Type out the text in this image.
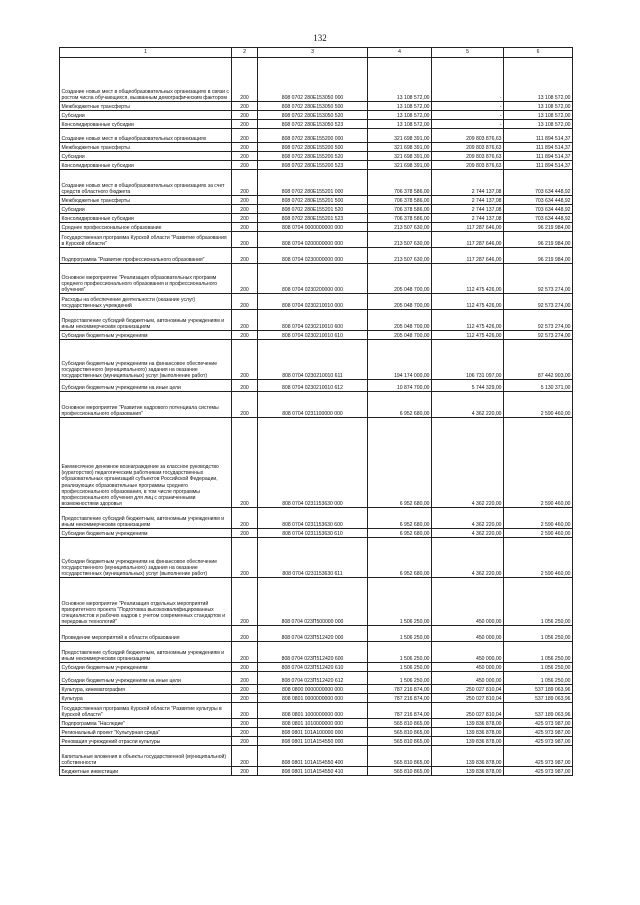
132
1	2	3	4	5	6
Создание новых мест в общеобразовательных организациях в связи с ростом числа обучающихся, вызванным демографическим фактором	200	808 0702 280E153050 000	13 108 572,00	-	13 108 572,00
Межбюджетные трансферты	200	808 0702 280E153050 500	13 108 572,00	-	13 108 572,00
Субсидии	200	808 0702 280E153050 520	13 108 572,00	-	13 108 572,00
Консолидированные субсидии	200	808 0702 280E153050 523	13 108 572,00	-	13 108 572,00
Создание новых мест в общеобразовательных организациях	200	808 0702 280E155200 000	321 698 391,00	209 803 876,63	111 894 514,37
Межбюджетные трансферты	200	808 0702 280E155200 500	321 698 391,00	209 803 876,63	111 894 514,37
Субсидии	200	808 0702 280E155200 520	321 698 391,00	209 803 876,63	111 894 514,37
Консолидированные субсидии	200	808 0702 280E155200 523	321 698 391,00	209 803 876,63	111 894 514,37
Создание новых мест в общеобразовательных организациях за счет средств областного бюджета	200	808 0702 280E155201 000	706 378 586,00	2 744 137,08	703 634 448,92
Межбюджетные трансферты	200	808 0702 280E155201 500	706 378 586,00	2 744 137,08	703 634 448,92
Субсидии	200	808 0702 280E155201 520	706 378 586,00	2 744 137,08	703 634 448,92
Консолидированные субсидии	200	808 0702 280E155201 523	706 378 586,00	2 744 137,08	703 634 448,92
Среднее профессиональное образование	200	808 0704 0000000000 000	213 507 630,00	117 287 646,00	96 219 984,00
Государственная программа Курской области "Развитие образования в Курской области"	200	808 0704 0200000000 000	213 507 630,00	117 287 646,00	96 219 984,00
Подпрограмма "Развитие профессионального образования"	200	808 0704 0230000000 000	213 507 630,00	117 287 646,00	96 219 984,00
Основное мероприятие "Реализация образовательных программ среднего профессионального образования и профессионального обучения"	200	808 0704 0230200000 000	205 048 700,00	112 475 426,00	92 573 274,00
Расходы на обеспечение деятельности (оказание услуг) государственных учреждений	200	808 0704 0230210010 000	205 048 700,00	112 475 426,00	92 573 274,00
Предоставление субсидий бюджетным, автономным учреждениям и иным некоммерческим организациям	200	808 0704 0230210010 600	205 048 700,00	112 475 426,00	92 573 274,00
Субсидии бюджетным учреждениям	200	808 0704 0230210010 610	205 048 700,00	112 475 426,00	92 573 274,00
Субсидии бюджетным учреждениям на финансовое обеспечение государственного (муниципального) задания на оказание государственных (муниципальных) услуг (выполнение работ)	200	808 0704 0230210010 611	194 174 000,00	106 731 097,00	87 442 903,00
Субсидии бюджетным учреждениям на иные цели	200	808 0704 0230210010 612	10 874 700,00	5 744 329,00	5 130 371,00
Основное мероприятие "Развитие кадрового потенциала системы профессионального образования"	200	808 0704 0231100000 000	6 952 680,00	4 362 220,00	2 590 460,00
Ежемесячное денежное вознаграждение за классное руководство (кураторство) педагогическим работникам государственных образовательных организаций субъектов Российской Федерации, реализующих образовательные программы среднего профессионального образования, в том числе программы профессионального обучения для лиц с ограниченными возможностями здоровья	200	808 0704 0231153630 000	6 952 680,00	4 362 220,00	2 590 460,00
Предоставление субсидий бюджетным, автономным учреждениям и иным некоммерческим организациям	200	808 0704 0231153630 600	6 952 680,00	4 362 220,00	2 590 460,00
Субсидии бюджетным учреждениям	200	808 0704 0231153630 610	6 952 680,00	4 362 220,00	2 590 460,00
Субсидии бюджетным учреждениям на финансовое обеспечение государственного (муниципального) задания на оказание государственных (муниципальных) услуг (выполнение работ)	200	808 0704 0231153630 611	6 952 680,00	4 362 220,00	2 590 460,00
Основное мероприятие "Реализация отдельных мероприятий приоритетного проекта "Подготовка высококвалифицированных специалистов и рабочих кадров с учетом современных стандартов и передовых технологий"	200	808 0704 023П500000 000	1 506 250,00	450 000,00	1 056 250,00
Проведение мероприятий в области образования	200	808 0704 023П512420 000	1 506 250,00	450 000,00	1 056 250,00
Предоставление субсидий бюджетным, автономным учреждениям и иным некоммерческим организациям	200	808 0704 023П512420 600	1 506 250,00	450 000,00	1 056 250,00
Субсидии бюджетным учреждениям	200	808 0704 023П512420 610	1 506 250,00	450 000,00	1 056 250,00
Субсидии бюджетным учреждениям на иные цели	200	808 0704 023П512420 612	1 506 250,00	450 000,00	1 056 250,00
Культура, кинематография	200	808 0800 0000000000 000	787 216 874,00	250 027 810,04	537 189 063,96
Культура	200	808 0801 0000000000 000	787 216 874,00	250 027 810,04	537 189 063,96
Государственная программа Курской области "Развитие культуры в Курской области"	200	808 0801 1000000000 000	787 216 874,00	250 027 810,04	537 189 063,96
Подпрограмма "Наследие"	200	808 0801 1010000000 000	565 810 865,00	139 836 878,00	425 973 987,00
Региональный проект "Культурная среда"	200	808 0801 101А100000 000	565 810 865,00	139 836 878,00	425 973 987,00
Реновация учреждений отрасли культуры	200	808 0801 101А154550 000	565 810 865,00	139 836 878,00	425 973 987,00
Капитальные вложения в объекты государственной (муниципальной) собственности	200	808 0801 101А154550 400	565 810 865,00	139 836 878,00	425 973 987,00
Бюджетные инвестиции	200	808 0801 101А154550 410	565 810 865,00	139 836 878,00	425 973 987,00
